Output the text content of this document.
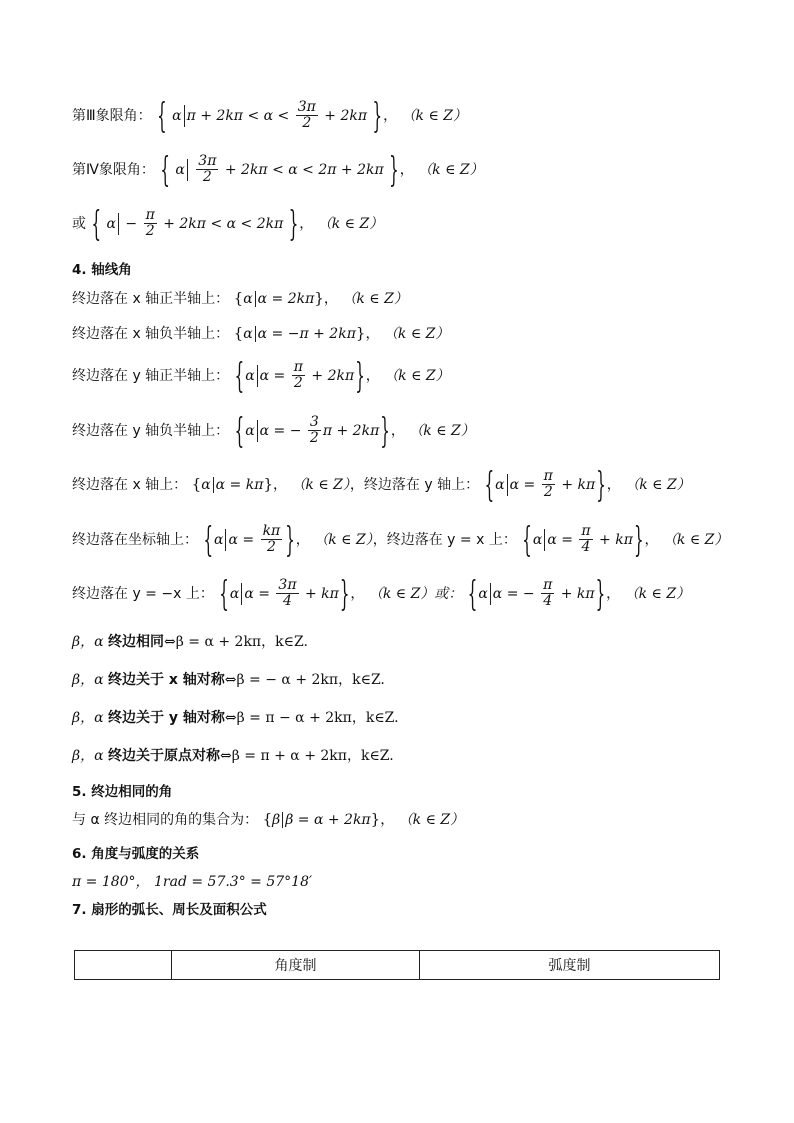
第Ⅲ象限角： { α $\pi + 2k\pi < \alpha < \frac{3\pi}{2} + 2k\pi$ }， （k ∈ Z）
第Ⅳ象限角： { α $\frac{3\pi}{2} + 2k\pi < \alpha < 2\pi + 2k\pi$ }， （k ∈ Z）
或 { $\alpha - \frac{\pi}{2} + 2k\pi < \alpha < 2k\pi$ }， （k ∈ Z）
4. 轴线角
终边落在 x 轴正半轴上： {α α = 2kπ}， （k ∈ Z）
终边落在 x 轴负半轴上： {α α = −π + 2kπ}， （k ∈ Z）
终边落在 y 轴正半轴上： {α $\alpha = \frac{\pi}{2} + 2k\pi$}， （k ∈ Z）
终边落在 y 轴负半轴上： {α α = − $\frac{3}{2}$ π + 2kπ}， （k ∈ Z）
终边落在 x 轴上： {α α = kπ}， （k ∈ Z），终边落在 y 轴上： {α $\alpha = \frac{\pi}{2} + k\pi$}， （k ∈ Z）
终边落在坐标轴上： {α $\alpha = \frac{k\pi}{2}$ }， （k ∈ Z），终边落在 y = x 上： {α $\alpha = \frac{\pi}{4} + k\pi$}， （k ∈ Z）
终边落在 y = −x 上： {α $\alpha = \frac{3\pi}{4} + k\pi$}， （k ∈ Z）或： {α α = − $\frac{\pi}{4} + k\pi$}， （k ∈ Z）
β，α 终边相同⇔β = α + 2kπ，k∈Z.
β，α 终边关于 x 轴对称⇔β = − α + 2kπ，k∈Z.
β，α 终边关于 y 轴对称⇔β = π − α + 2kπ，k∈Z.
β，α 终边关于原点对称⇔β = π + α + 2kπ，k∈Z.
5. 终边相同的角
与 α 终边相同的角的集合为： {β β = α + 2kπ}， （k ∈ Z）
6. 角度与弧度的关系
π = 180°， 1rad = 57.3° = 57°18′
7. 扇形的弧长、周长及面积公式
	角度制	弧度制
